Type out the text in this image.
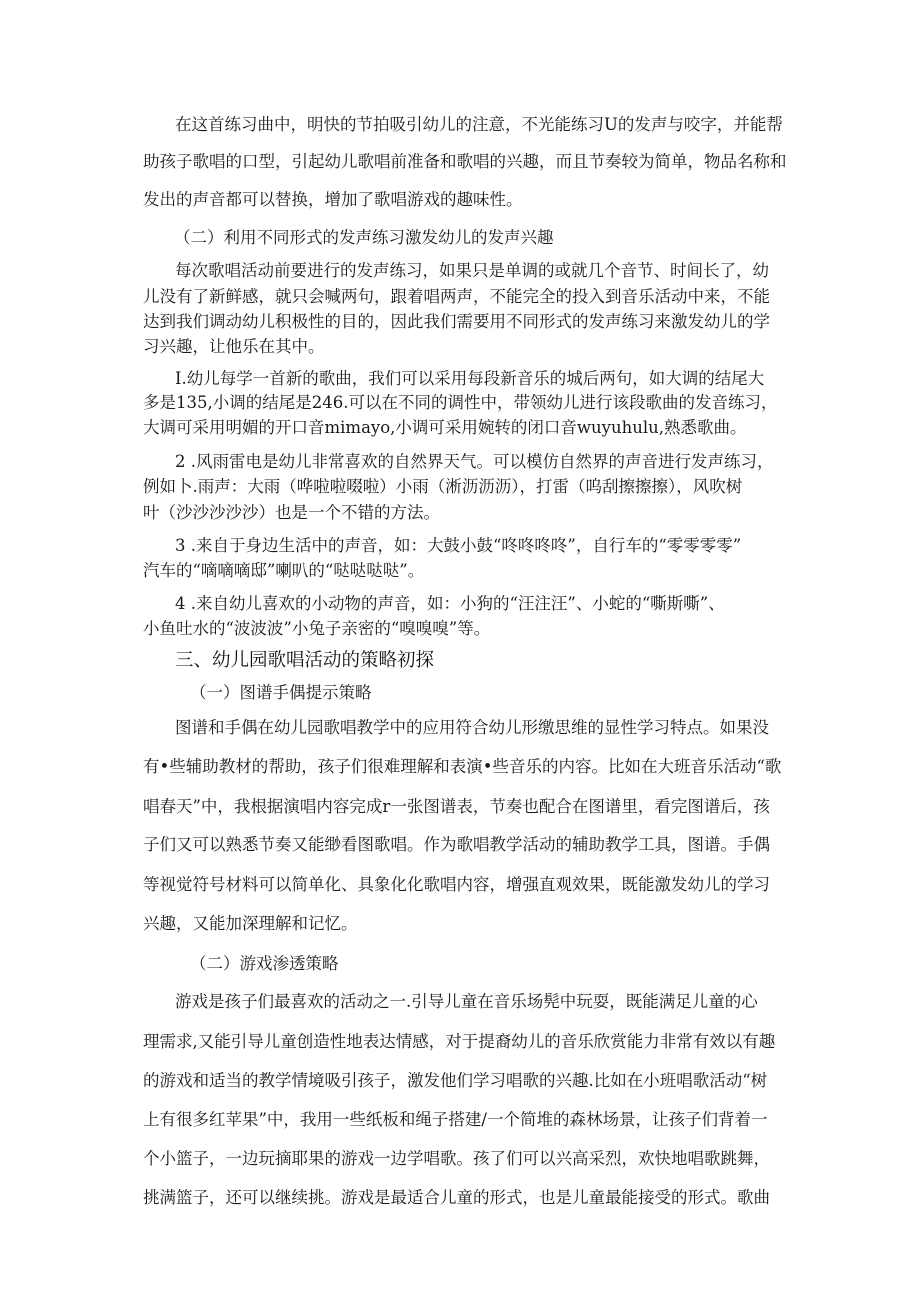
在这首练习曲中，明快的节拍吸引幼儿的注意，不光能练习U的发声与咬字，并能帮
助孩子歌唱的口型，引起幼儿歌唱前准备和歌唱的兴趣，而且节奏较为简单，物品名称和
发出的声音都可以替换，增加了歌唱游戏的趣味性。
（二）利用不同形式的发声练习激发幼儿的发声兴趣
每次歌唱活动前要进行的发声练习，如果只是单调的或就几个音节、时间长了，幼
儿没有了新鲜感，就只会喊两句，跟着唱两声，不能完全的投入到音乐活动中来，不能
达到我们调动幼儿积极性的目的，因此我们需要用不同形式的发声练习来激发幼儿的学
习兴趣，让他乐在其中。
I.幼儿每学一首新的歌曲，我们可以采用每段新音乐的城后两句，如大调的结尾大
多是135,小调的结尾是246.可以在不同的调性中，带领幼儿进行该段歌曲的发音练习，
大调可采用明媚的开口音mimayo,小调可采用婉转的闭口音wuyuhulu,熟悉歌曲。
2 .风雨雷电是幼儿非常喜欢的自然界天气。可以模仿自然界的声音进行发声练习，
例如卜.雨声：大雨（哗啦啦啜啦）小雨（淅沥沥沥），打雷（呜刮擦擦擦），风吹树
叶（沙沙沙沙沙）也是一个不错的方法。
3 .来自于身边生活中的声音，如：大鼓小鼓“咚咚咚咚”，自行车的“零零零零”
汽车的“嘀嘀嘀邸”喇叭的“哒哒哒哒”。
4 .来自幼儿喜欢的小动物的声音，如：小狗的“汪注汪”、小蛇的“嘶斯嘶”、
小鱼吐水的“波波波”小兔子亲密的“嗅嗅嗅”等。
三、幼儿园歌唱活动的策略初探
（一）图谱手偶提示策略
图谱和手偶在幼儿园歌唱教学中的应用符合幼儿形缴思维的显性学习特点。如果没
有•些辅助教材的帮助，孩子们很难理解和表演•些音乐的内容。比如在大班音乐活动“歌
唱春天”中，我根据演唱内容完成r一张图谱表，节奏也配合在图谱里，看完图谱后，孩
子们又可以熟悉节奏又能缈看图歌唱。作为歌唱教学活动的辅助教学工具，图谱。手偶
等视觉符号材料可以简单化、具象化化歌唱内容，增强直观效果，既能激发幼儿的学习
兴趣，又能加深理解和记忆。
（二）游戏渗透策略
游戏是孩子们最喜欢的活动之一.引导儿童在音乐场髡中玩耍，既能满足儿童的心
理需求,又能引导儿童创造性地表达情感，对于提裔幼儿的音乐欣赏能力非常有效以有趣
的游戏和适当的教学情境吸引孩子，激发他们学习唱歌的兴趣.比如在小班唱歌活动“树
上有很多红苹果”中，我用一些纸板和绳子搭建/一个简堆的森林场景，让孩子们背着一
个小篮子，一边玩摘耶果的游戏一边学唱歌。孩了们可以兴高采烈，欢快地唱歌跳舞，
挑满篮子，还可以继续挑。游戏是最适合儿童的形式，也是儿童最能接受的形式。歌曲
